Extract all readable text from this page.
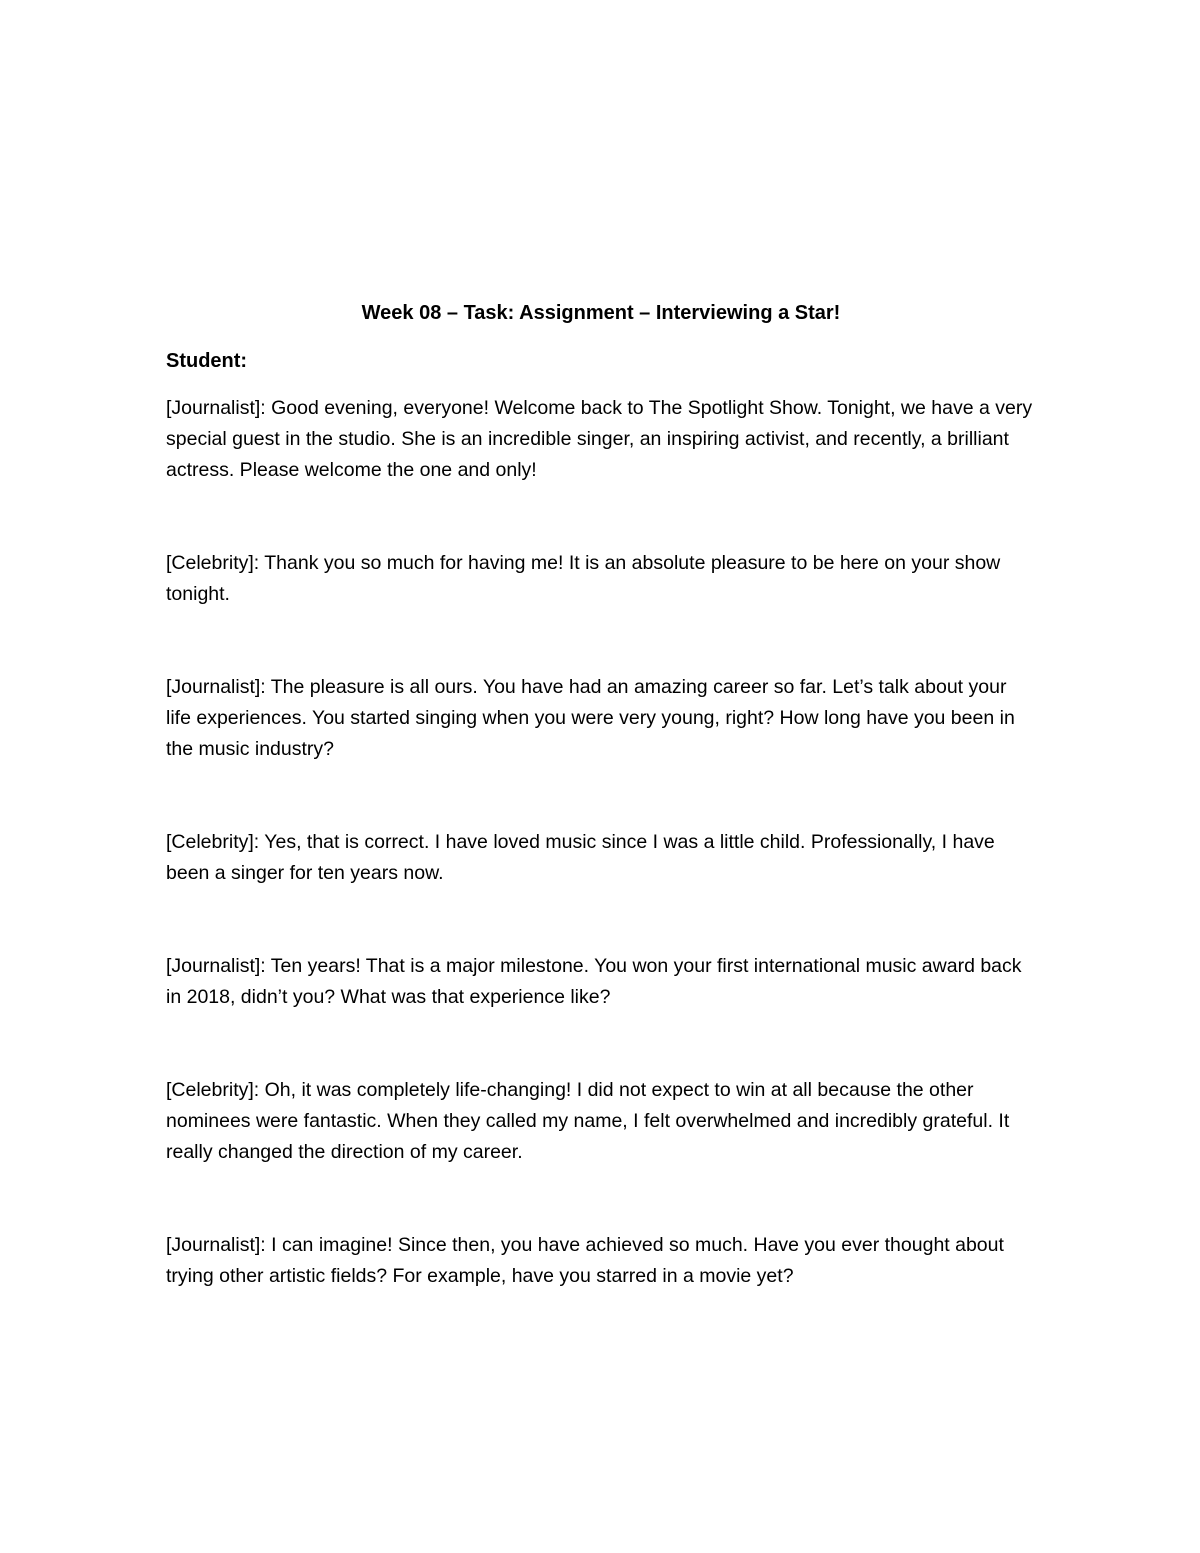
Week 08 – Task: Assignment – Interviewing a Star!
Student:

[Journalist]: Good evening, everyone! Welcome back to The Spotlight Show. Tonight, we have a very special guest in the studio. She is an incredible singer, an inspiring activist, and recently, a brilliant actress. Please welcome the one and only!

[Celebrity]: Thank you so much for having me! It is an absolute pleasure to be here on your show tonight.

[Journalist]: The pleasure is all ours. You have had an amazing career so far. Let’s talk about your life experiences. You started singing when you were very young, right? How long have you been in the music industry?

[Celebrity]: Yes, that is correct. I have loved music since I was a little child. Professionally, I have been a singer for ten years now.

[Journalist]: Ten years! That is a major milestone. You won your first international music award back in 2018, didn’t you? What was that experience like?

[Celebrity]: Oh, it was completely life-changing! I did not expect to win at all because the other nominees were fantastic. When they called my name, I felt overwhelmed and incredibly grateful. It really changed the direction of my career.

[Journalist]: I can imagine! Since then, you have achieved so much. Have you ever thought about trying other artistic fields? For example, have you starred in a movie yet?
